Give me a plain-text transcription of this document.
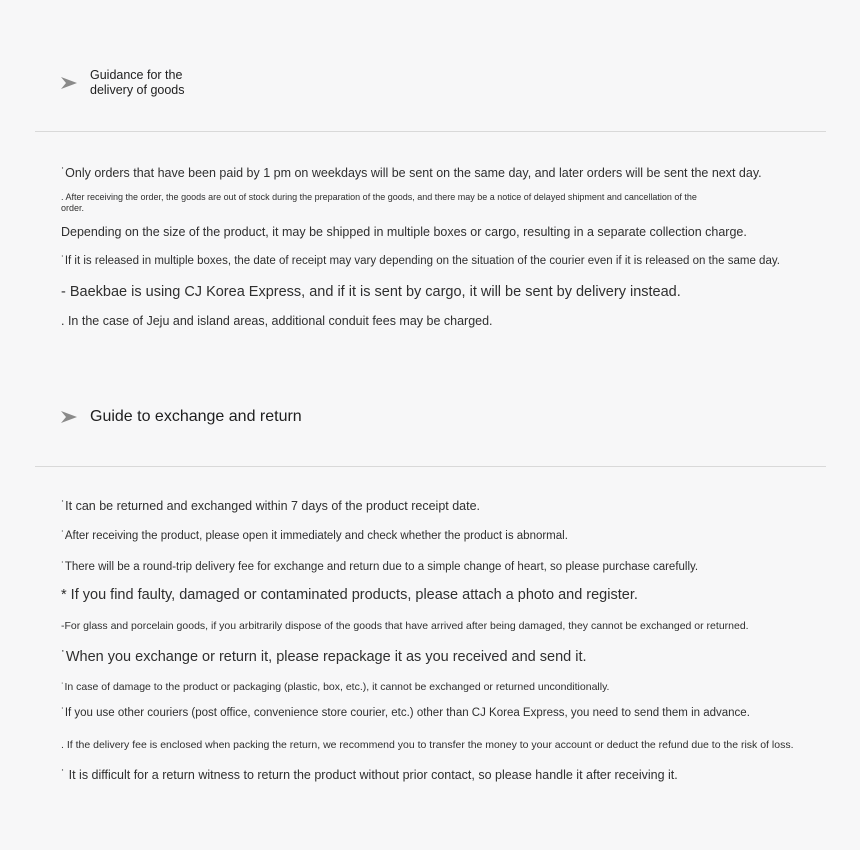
Guidance for the
delivery of goods
˙Only orders that have been paid by 1 pm on weekdays will be sent on the same day, and later orders will be sent the next day.
. After receiving the order, the goods are out of stock during the preparation of the goods, and there may be a notice of delayed shipment and cancellation of the order.
Depending on the size of the product, it may be shipped in multiple boxes or cargo, resulting in a separate collection charge.
˙If it is released in multiple boxes, the date of receipt may vary depending on the situation of the courier even if it is released on the same day.
- Baekbae is using CJ Korea Express, and if it is sent by cargo, it will be sent by delivery instead.
. In the case of Jeju and island areas, additional conduit fees may be charged.
Guide to exchange and return
˙It can be returned and exchanged within 7 days of the product receipt date.
˙After receiving the product, please open it immediately and check whether the product is abnormal.
˙There will be a round-trip delivery fee for exchange and return due to a simple change of heart, so please purchase carefully.
* If you find faulty, damaged or contaminated products, please attach a photo and register.
-For glass and porcelain goods, if you arbitrarily dispose of the goods that have arrived after being damaged, they cannot be exchanged or returned.
˙When you exchange or return it, please repackage it as you received and send it.
˙In case of damage to the product or packaging (plastic, box, etc.), it cannot be exchanged or returned unconditionally.
˙If you use other couriers (post office, convenience store courier, etc.) other than CJ Korea Express, you need to send them in advance.
. If the delivery fee is enclosed when packing the return, we recommend you to transfer the money to your account or deduct the refund due to the risk of loss.
˙ It is difficult for a return witness to return the product without prior contact, so please handle it after receiving it.
